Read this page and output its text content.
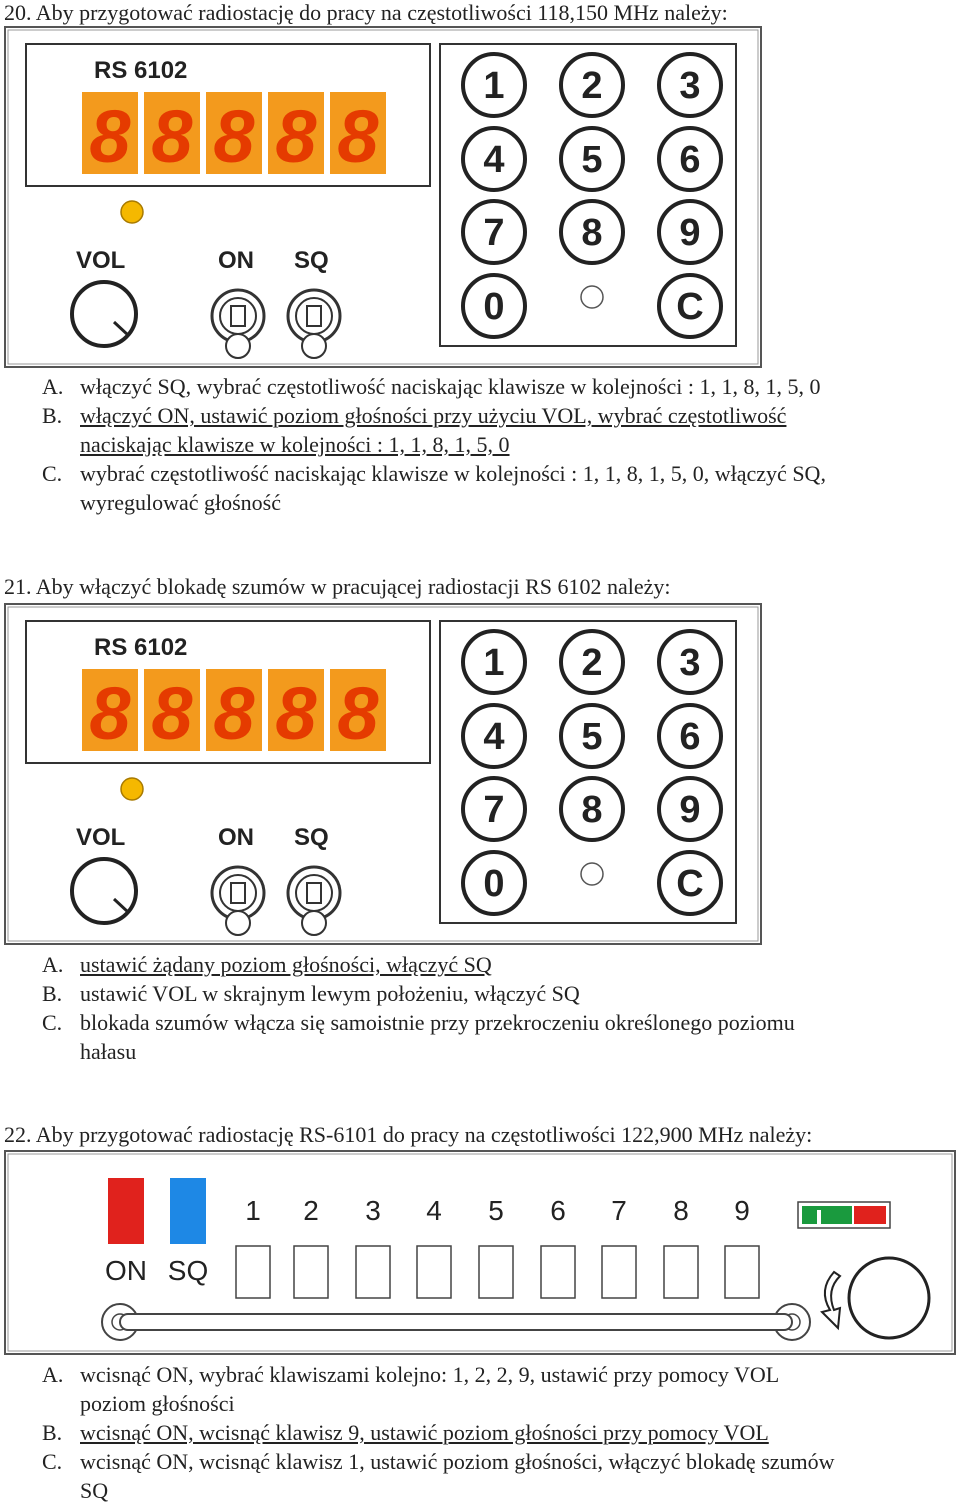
20. Aby przygotować radiostację do pracy na częstotliwości 118,150 MHz należy:
RS 6102
8 8 8 8 8
VOL	ON SQ
1 2 3
4 5 6
7 8 9
0	C
A. włączyć SQ, wybrać częstotliwość naciskając klawisze w kolejności : 1, 1, 8, 1, 5, 0
B. włączyć ON, ustawić poziom głośności przy użyciu VOL, wybrać częstotliwość
naciskając klawisze w kolejności : 1, 1, 8, 1, 5, 0
C. wybrać częstotliwość naciskając klawisze w kolejności : 1, 1, 8, 1, 5, 0, włączyć SQ,
wyregulować głośność
21. Aby włączyć blokadę szumów w pracującej radiostacji RS 6102 należy:
RS 6102
8 8 8 8 8
VOL	ON SQ
1 2 3
4 5 6
7 8 9
0	C
A. ustawić żądany poziom głośności, włączyć SQ
B. ustawić VOL w skrajnym lewym położeniu, włączyć SQ
C. blokada szumów włącza się samoistnie przy przekroczeniu określonego poziomu
hałasu
22. Aby przygotować radiostację RS-6101 do pracy na częstotliwości 122,900 MHz należy:
ON SQ
1 2 3 4 5 6 7 8 9
A. wcisnąć ON, wybrać klawiszami kolejno: 1, 2, 2, 9, ustawić przy pomocy VOL
poziom głośności
B. wcisnąć ON, wcisnąć klawisz 9, ustawić poziom głośności przy pomocy VOL
C. wcisnąć ON, wcisnąć klawisz 1, ustawić poziom głośności, włączyć blokadę szumów
SQ
